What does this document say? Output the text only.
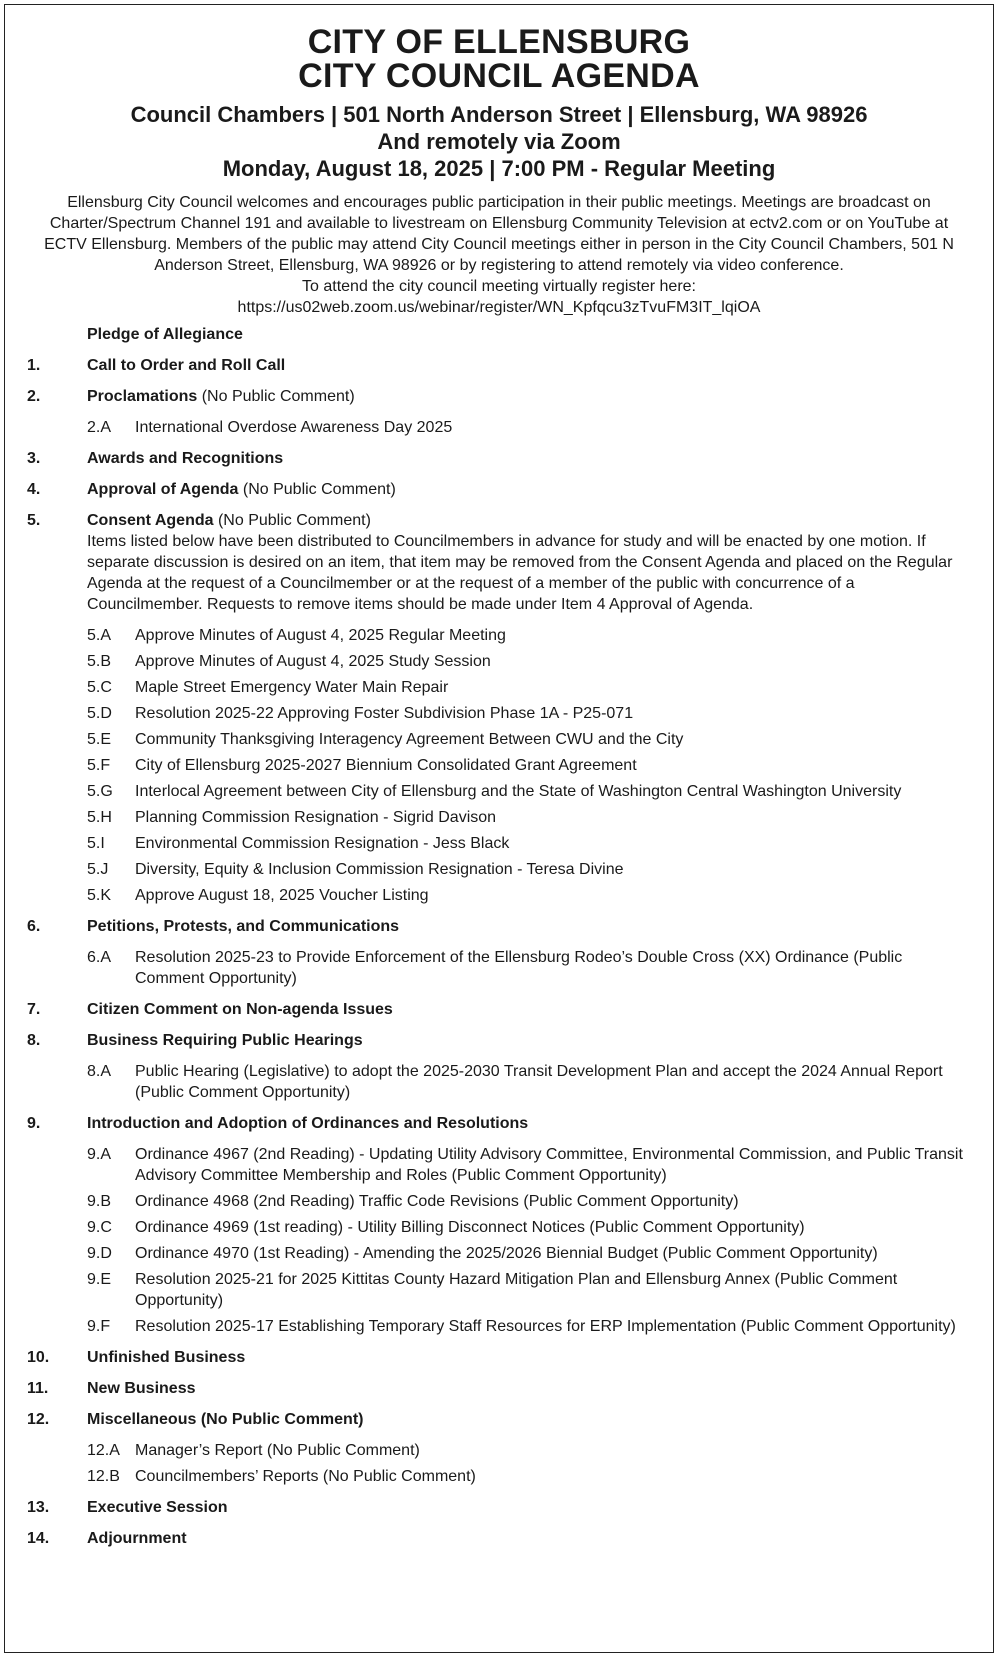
CITY OF ELLENSBURG
CITY COUNCIL AGENDA
Council Chambers | 501 North Anderson Street | Ellensburg, WA 98926
And remotely via Zoom
Monday, August 18, 2025 | 7:00 PM - Regular Meeting

Ellensburg City Council welcomes and encourages public participation in their public meetings. Meetings are broadcast on Charter/Spectrum Channel 191 and available to livestream on Ellensburg Community Television at ectv2.com or on YouTube at ECTV Ellensburg. Members of the public may attend City Council meetings either in person in the City Council Chambers, 501 N Anderson Street, Ellensburg, WA 98926 or by registering to attend remotely via video conference.

To attend the city council meeting virtually register here:

https://us02web.zoom.us/webinar/register/WN_Kpfqcu3zTvuFM3IT_lqiOA

Pledge of Allegiance
1.	Call to Order and Roll Call
2.	Proclamations (No Public Comment)
2.A International Overdose Awareness Day 2025
3.	Awards and Recognitions
4.	Approval of Agenda (No Public Comment)
5.	Consent Agenda (No Public Comment)
Items listed below have been distributed to Councilmembers in advance for study and will be enacted by one motion. If separate discussion is desired on an item, that item may be removed from the Consent Agenda and placed on the Regular Agenda at the request of a Councilmember or at the request of a member of the public with concurrence of a Councilmember. Requests to remove items should be made under Item 4 Approval of Agenda.
5.A Approve Minutes of August 4, 2025 Regular Meeting
5.B Approve Minutes of August 4, 2025 Study Session
5.C Maple Street Emergency Water Main Repair
5.D Resolution 2025-22 Approving Foster Subdivision Phase 1A - P25-071
5.E Community Thanksgiving Interagency Agreement Between CWU and the City
5.F City of Ellensburg 2025-2027 Biennium Consolidated Grant Agreement
5.G Interlocal Agreement between City of Ellensburg and the State of Washington Central Washington University
5.H Planning Commission Resignation - Sigrid Davison
5.I Environmental Commission Resignation - Jess Black
5.J Diversity, Equity & Inclusion Commission Resignation - Teresa Divine
5.K Approve August 18, 2025 Voucher Listing
6.	Petitions, Protests, and Communications
6.A Resolution 2025-23 to Provide Enforcement of the Ellensburg Rodeo’s Double Cross (XX) Ordinance (Public Comment Opportunity)
7.	Citizen Comment on Non-agenda Issues
8.	Business Requiring Public Hearings
8.A Public Hearing (Legislative) to adopt the 2025-2030 Transit Development Plan and accept the 2024 Annual Report (Public Comment Opportunity)
9.	Introduction and Adoption of Ordinances and Resolutions
9.A Ordinance 4967 (2nd Reading) - Updating Utility Advisory Committee, Environmental Commission, and Public Transit Advisory Committee Membership and Roles (Public Comment Opportunity)
9.B Ordinance 4968 (2nd Reading) Traffic Code Revisions (Public Comment Opportunity)
9.C Ordinance 4969 (1st reading) - Utility Billing Disconnect Notices (Public Comment Opportunity)
9.D Ordinance 4970 (1st Reading) - Amending the 2025/2026 Biennial Budget (Public Comment Opportunity)
9.E Resolution 2025-21 for 2025 Kittitas County Hazard Mitigation Plan and Ellensburg Annex (Public Comment Opportunity)
9.F Resolution 2025-17 Establishing Temporary Staff Resources for ERP Implementation (Public Comment Opportunity)
10. Unfinished Business
11. New Business
12. Miscellaneous (No Public Comment)
12.A Manager’s Report (No Public Comment)
12.B Councilmembers’ Reports (No Public Comment)
13. Executive Session
14. Adjournment
